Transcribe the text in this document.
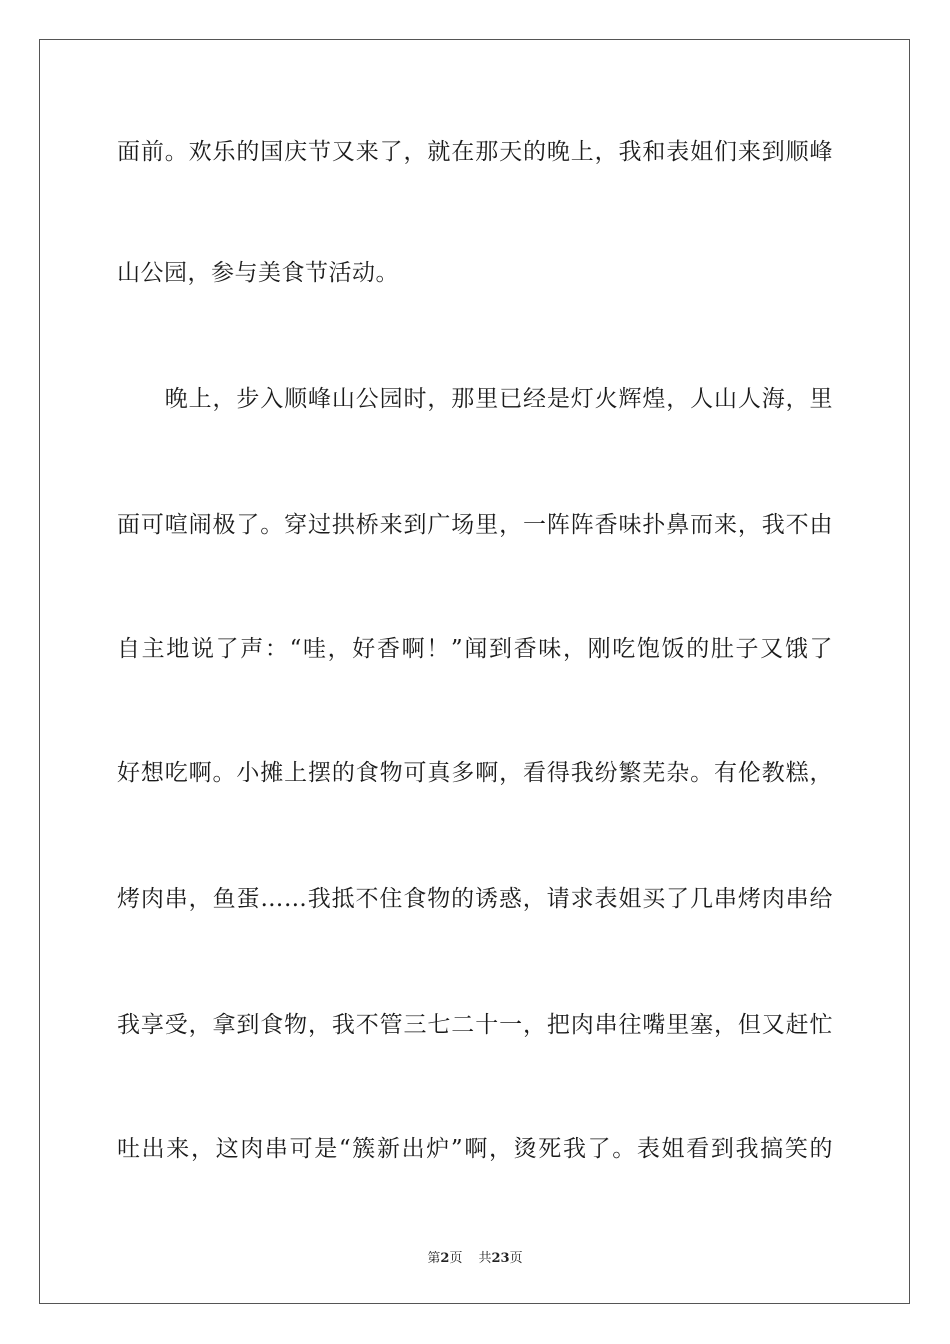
面前。欢乐的国庆节又来了，就在那天的晚上，我和表姐们来到顺峰
山公园，参与美食节活动。
　　晚上，步入顺峰山公园时，那里已经是灯火辉煌，人山人海，里
面可喧闹极了。穿过拱桥来到广场里，一阵阵香味扑鼻而来，我不由
自主地说了声：“哇，好香啊！”闻到香味，刚吃饱饭的肚子又饿了
好想吃啊。小摊上摆的食物可真多啊，看得我纷繁芜杂。有伦教糕，
烤肉串，鱼蛋……我抵不住食物的诱惑，请求表姐买了几串烤肉串给
我享受，拿到食物，我不管三七二十一，把肉串往嘴里塞，但又赶忙
吐出来，这肉串可是“簇新出炉”啊，烫死我了。表姐看到我搞笑的
第2页 共23页
